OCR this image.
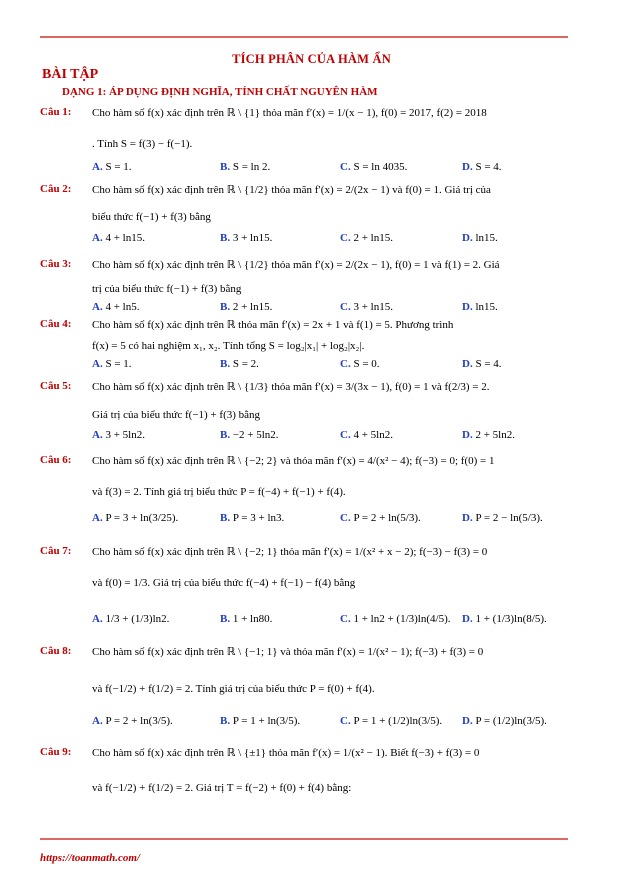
TÍCH PHÂN CỦA HÀM ẨN
BÀI TẬP
DẠNG 1: ÁP DỤNG ĐỊNH NGHĨA, TÍNH CHẤT NGUYÊN HÀM
Câu 1: Cho hàm số f(x) xác định trên ℝ \ {1} thỏa mãn f′(x) = 1/(x − 1), f(0) = 2017, f(2) = 2018
. Tính S = f(3) − f(−1).
A. S = 1.	B. S = ln 2.	C. S = ln 4035.	D. S = 4.
Câu 2: Cho hàm số f(x) xác định trên ℝ \ {1/2} thỏa mãn f′(x) = 2/(2x − 1) và f(0) = 1. Giá trị của
biểu thức f(−1) + f(3) bằng
A. 4 + ln15.	B. 3 + ln15.	C. 2 + ln15.	D. ln15.
Câu 3: Cho hàm số f(x) xác định trên ℝ \ {1/2} thỏa mãn f′(x) = 2/(2x − 1), f(0) = 1 và f(1) = 2. Giá
trị của biểu thức f(−1) + f(3) bằng
A. 4 + ln5.	B. 2 + ln15.	C. 3 + ln15.	D. ln15.
Câu 4: Cho hàm số f(x) xác định trên ℝ thỏa mãn f′(x) = 2x + 1 và f(1) = 5. Phương trình
f(x) = 5 có hai nghiệm x₁, x₂. Tính tổng S = log₂|x₁| + log₂|x₂|.
A. S = 1.	B. S = 2.	C. S = 0.	D. S = 4.
Câu 5: Cho hàm số f(x) xác định trên ℝ \ {1/3} thỏa mãn f′(x) = 3/(3x − 1), f(0) = 1 và f(2/3) = 2.
Giá trị của biểu thức f(−1) + f(3) bằng
A. 3 + 5ln2.	B. −2 + 5ln2.	C. 4 + 5ln2.	D. 2 + 5ln2.
Câu 6: Cho hàm số f(x) xác định trên ℝ \ {−2; 2} và thỏa mãn f′(x) = 4/(x² − 4); f(−3) = 0; f(0) = 1
và f(3) = 2. Tính giá trị biểu thức P = f(−4) + f(−1) + f(4).
A. P = 3 + ln(3/25).	B. P = 3 + ln3.	C. P = 2 + ln(5/3).	D. P = 2 − ln(5/3).
Câu 7: Cho hàm số f(x) xác định trên ℝ \ {−2; 1} thỏa mãn f′(x) = 1/(x² + x − 2); f(−3) − f(3) = 0
và f(0) = 1/3. Giá trị của biểu thức f(−4) + f(−1) − f(4) bằng
A. 1/3 + (1/3)ln2.	B. 1 + ln80.	C. 1 + ln2 + (1/3)ln(4/5). D. 1 + (1/3)ln(8/5).
Câu 8: Cho hàm số f(x) xác định trên ℝ \ {−1; 1} và thỏa mãn f′(x) = 1/(x² − 1); f(−3) + f(3) = 0
và f(−1/2) + f(1/2) = 2. Tính giá trị của biểu thức P = f(0) + f(4).
A. P = 2 + ln(3/5).	B. P = 1 + ln(3/5).	C. P = 1 + (1/2)ln(3/5). D. P = (1/2)ln(3/5).
Câu 9: Cho hàm số f(x) xác định trên ℝ \ {±1} thỏa mãn f′(x) = 1/(x² − 1). Biết f(−3) + f(3) = 0
và f(−1/2) + f(1/2) = 2. Giá trị T = f(−2) + f(0) + f(4) bằng:
https://toanmath.com/
